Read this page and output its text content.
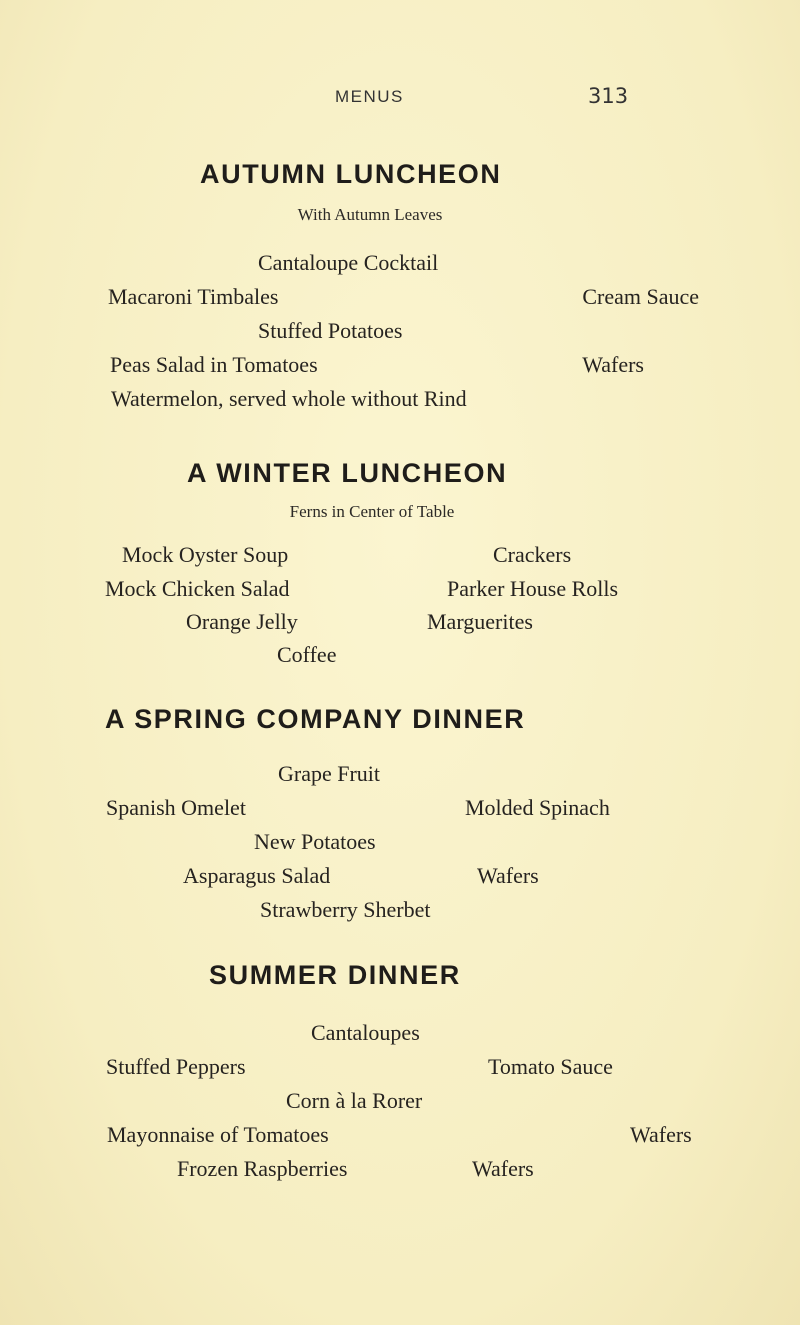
MENUS	313
AUTUMN LUNCHEON
With Autumn Leaves
Cantaloupe Cocktail
Macaroni Timbales	Cream Sauce
Stuffed Potatoes
Peas Salad in Tomatoes	Wafers
Watermelon, served whole without Rind
A WINTER LUNCHEON
Ferns in Center of Table
Mock Oyster Soup	Crackers
Mock Chicken Salad	Parker House Rolls
Orange Jelly	Marguerites
Coffee
A SPRING COMPANY DINNER
Grape Fruit
Spanish Omelet	Molded Spinach
New Potatoes
Asparagus Salad	Wafers
Strawberry Sherbet
SUMMER DINNER
Cantaloupes
Stuffed Peppers	Tomato Sauce
Corn à la Rorer
Mayonnaise of Tomatoes	Wafers
Frozen Raspberries	Wafers
